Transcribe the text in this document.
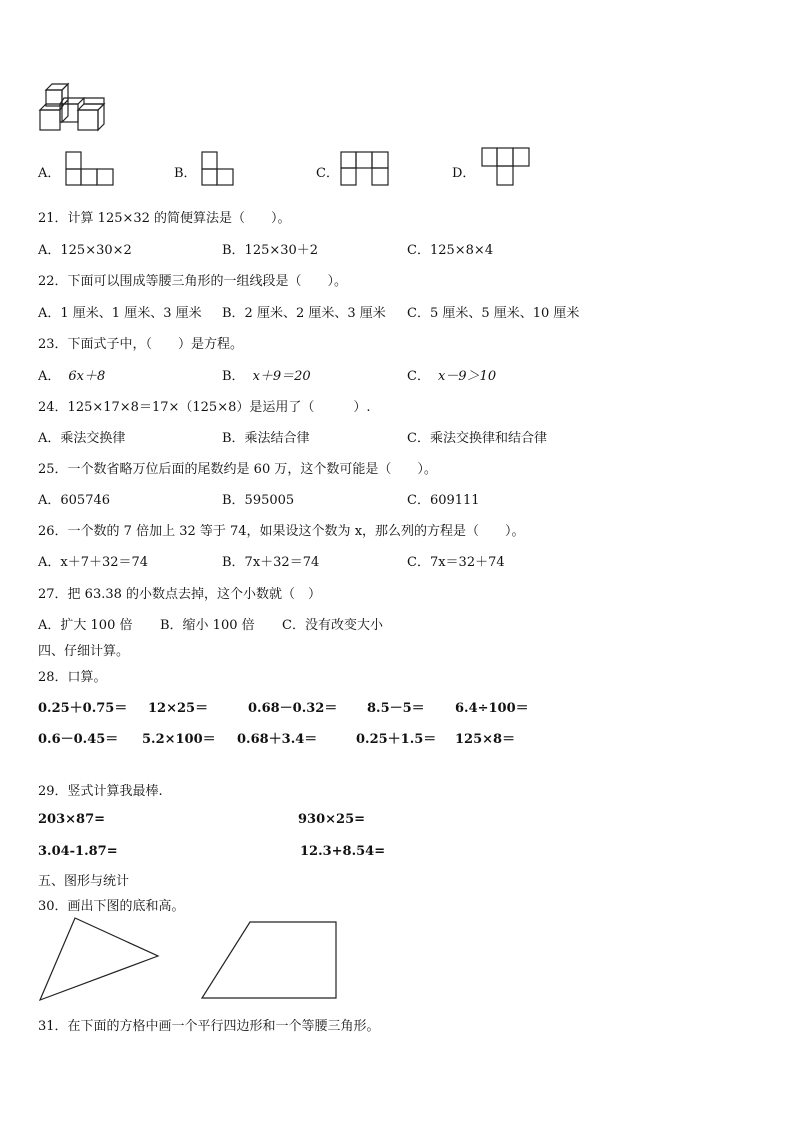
A．	B．	C．	D．
21．计算 125×32 的简便算法是（　　）。
A．125×30×2	B．125×30＋2	C．125×8×4
22．下面可以围成等腰三角形的一组线段是（　　）。
A．1 厘米、1 厘米、3 厘米 B．2 厘米、2 厘米、3 厘米 C．5 厘米、5 厘米、10 厘米
23．下面式子中，（　　）是方程。
A． 6x＋8	B． x＋9＝20	C． x－9＞10
24．125×17×8＝17×（125×8）是运用了（　　　）.
A．乘法交换律	B．乘法结合律	C．乘法交换律和结合律
25．一个数省略万位后面的尾数约是 60 万，这个数可能是（　　）。
A．605746	B．595005	C．609111
26．一个数的 7 倍加上 32 等于 74，如果设这个数为 x，那么列的方程是（　　）。
A．x＋7＋32＝74	B．7x＋32＝74	C．7x＝32＋74
27．把 63.38 的小数点去掉，这个小数就（　）
A．扩大 100 倍 B．缩小 100 倍 C．没有改变大小
四、仔细计算。
28．口算。
0.25＋0.75＝ 12×25＝	0.68－0.32＝ 8.5－5＝ 6.4÷100＝
0.6－0.45＝ 5.2×100＝ 0.68＋3.4＝	0.25＋1.5＝ 125×8＝
29．竖式计算我最棒.
203×87=	930×25=
3.04-1.87=	12.3+8.54=
五、图形与统计
30．画出下图的底和高。
31．在下面的方格中画一个平行四边形和一个等腰三角形。
